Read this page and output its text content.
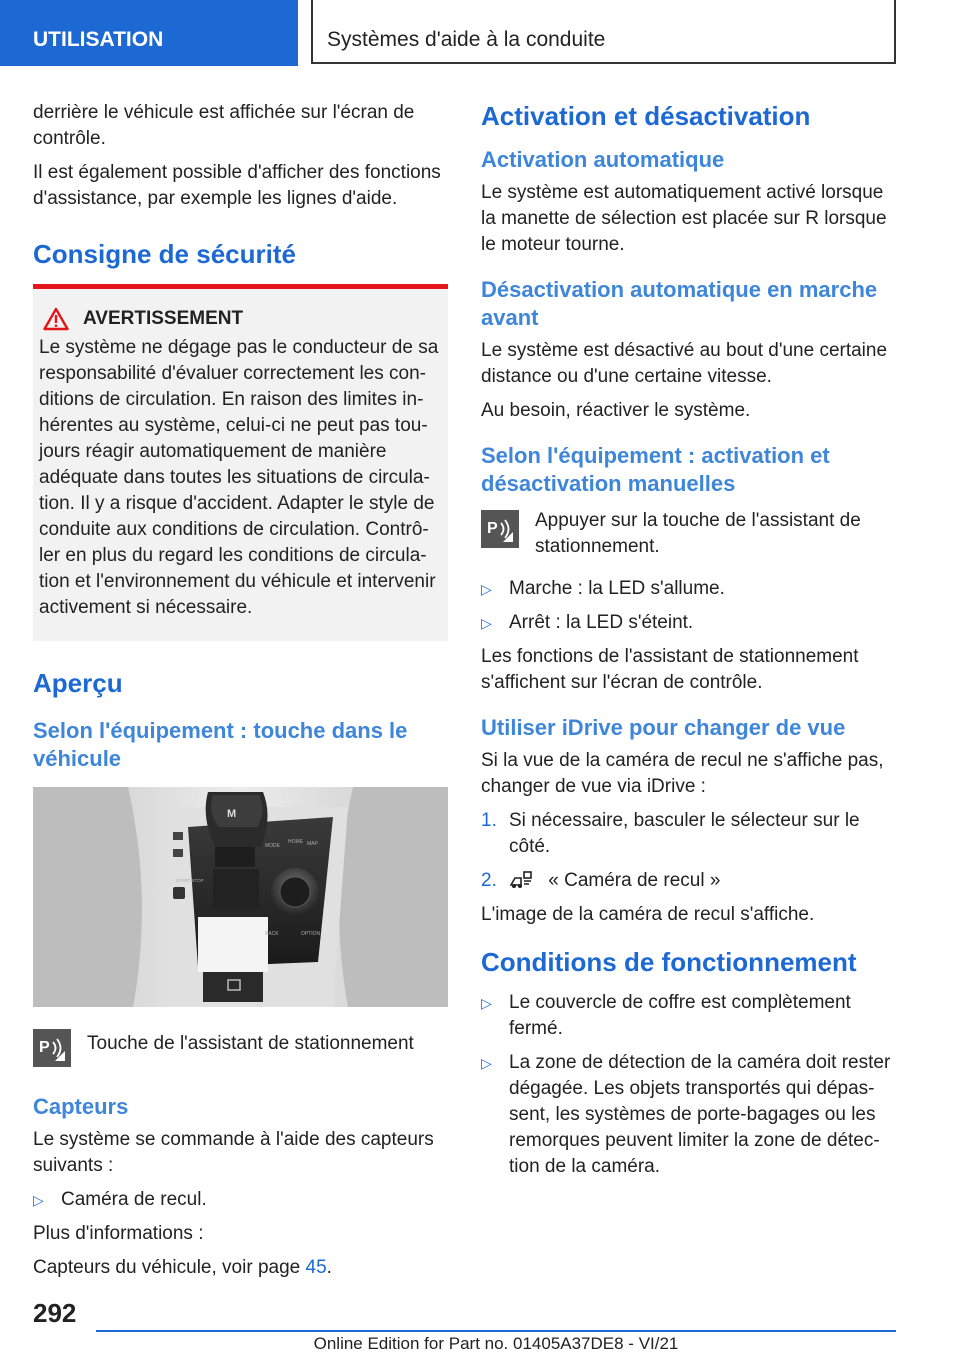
UTILISATION	Systèmes d'aide à la conduite

derrière le véhicule est affichée sur l'écran de contrôle.

Il est également possible d'afficher des fonctions d'assistance, par exemple les lignes d'aide.

Consigne de sécurité
AVERTISSEMENT

Le système ne dégage pas le conducteur de sa responsabilité d'évaluer correctement les conditions de circulation. En raison des limites inhérentes au système, celui-ci ne peut pas toujours réagir automatiquement de manière adéquate dans toutes les situations de circulation. Il y a risque d'accident. Adapter le style de conduite aux conditions de circulation. Contrôler en plus du regard les conditions de circulation et l'environnement du véhicule et intervenir activement si nécessaire.

Aperçu
Selon l'équipement : touche dans le véhicule
M
MODE
HOME MAP
BACK	OPTION
START STOP
P Touche de l'assistant de stationnement

Capteurs

Le système se commande à l'aide des capteurs suivants :

▷ Caméra de recul.

Plus d'informations :

Capteurs du véhicule, voir page 45.

Activation et désactivation
Activation automatique

Le système est automatiquement activé lorsque la manette de sélection est placée sur R lorsque le moteur tourne.

Désactivation automatique en marche avant

Le système est désactivé au bout d'une certaine distance ou d'une certaine vitesse.

Au besoin, réactiver le système.

Selon l'équipement : activation et désactivation manuelles
P Appuyer sur la touche de l'assistant de stationnement.

▷ Marche : la LED s'allume.
▷ Arrêt : la LED s'éteint.

Les fonctions de l'assistant de stationnement s'affichent sur l'écran de contrôle.

Utiliser iDrive pour changer de vue

Si la vue de la caméra de recul ne s'affiche pas, changer de vue via iDrive :

1. Si nécessaire, basculer le sélecteur sur le côté.
2.	« Caméra de recul »

L'image de la caméra de recul s'affiche.

Conditions de fonctionnement
▷ Le couvercle de coffre est complètement fermé.
▷ La zone de détection de la caméra doit rester dégagée. Les objets transportés qui dépassent, les systèmes de porte-bagages ou les remorques peuvent limiter la zone de détection de la caméra.
292
Online Edition for Part no. 01405A37DE8 - VI/21
